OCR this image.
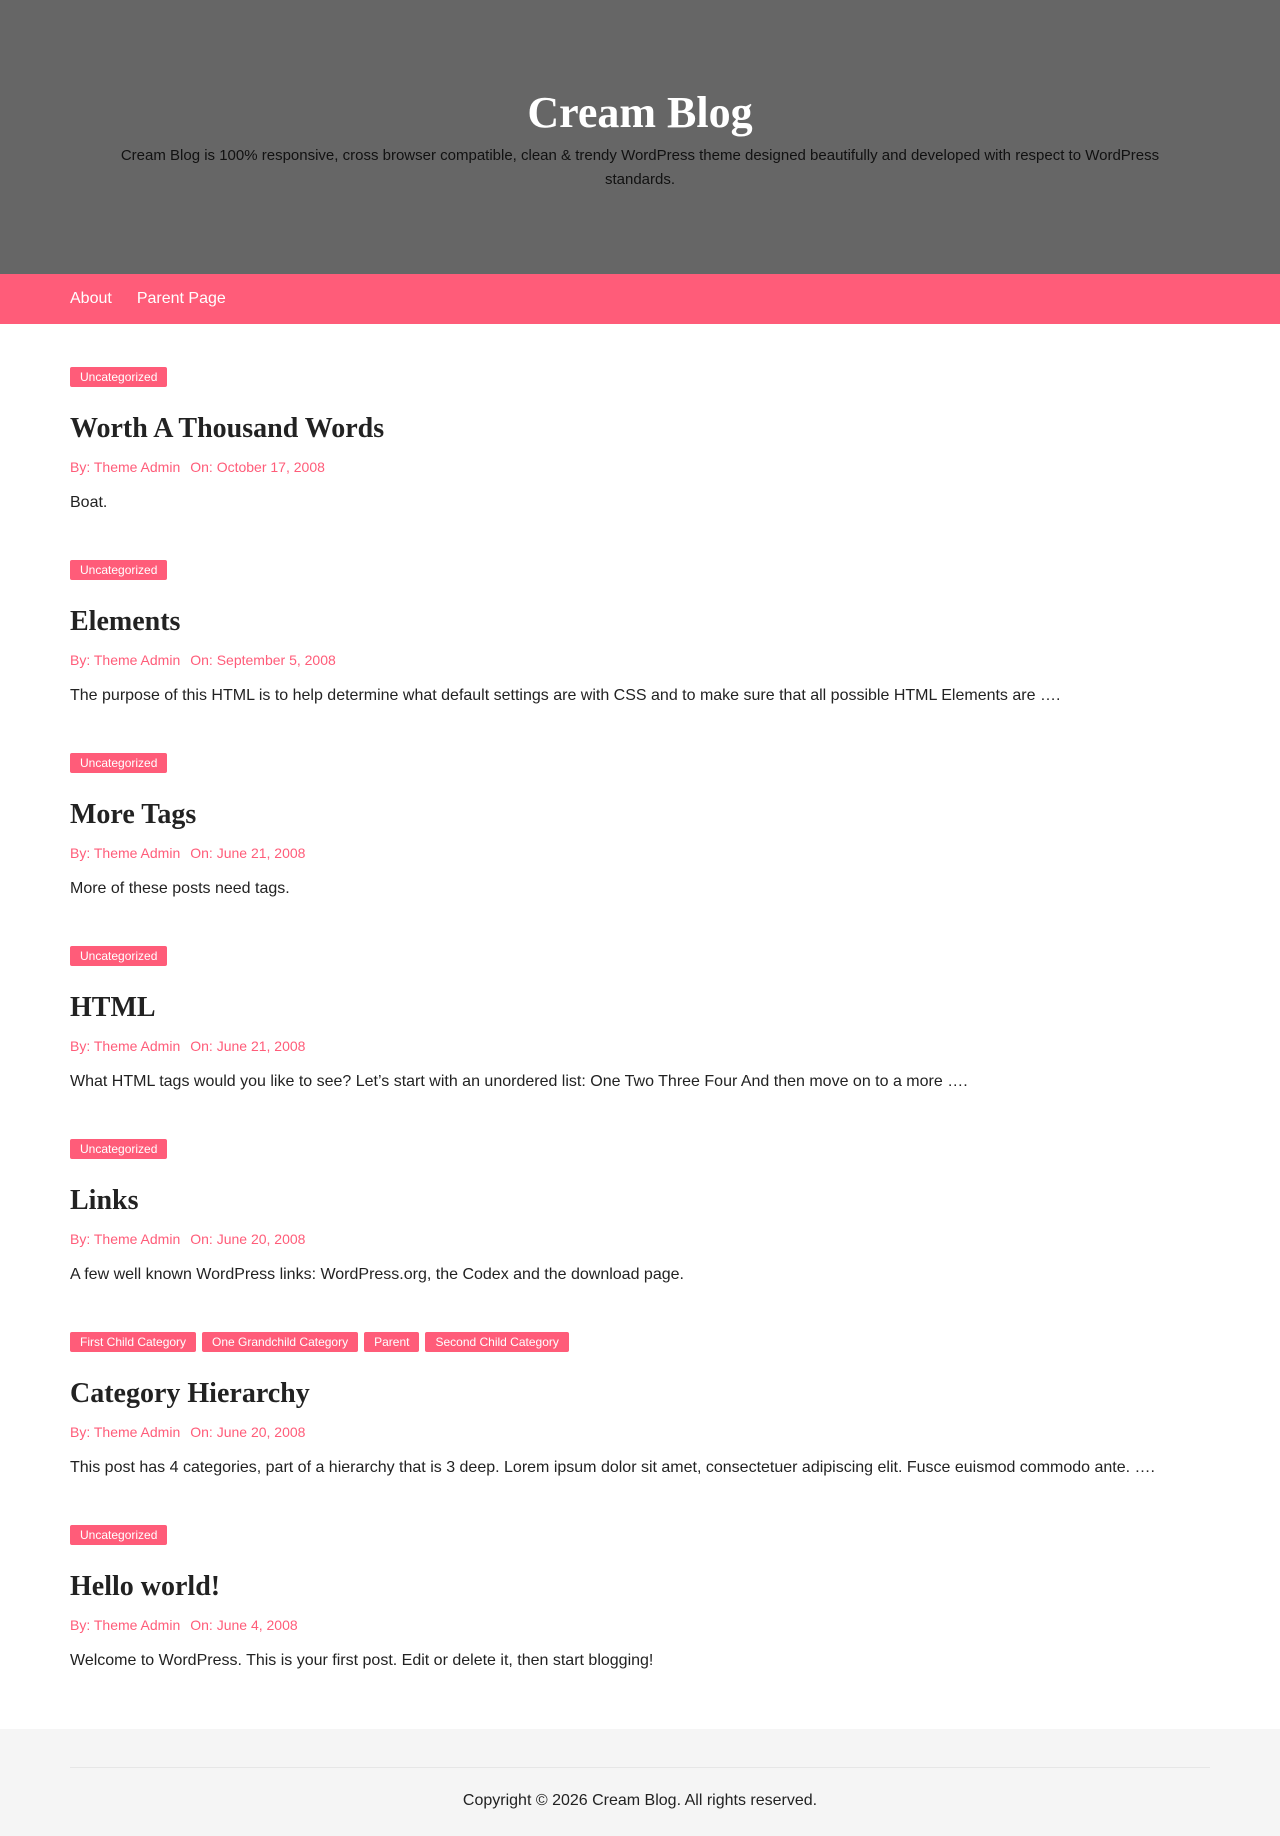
Cream Blog

Cream Blog is 100% responsive, cross browser compatible, clean & trendy WordPress theme designed beautifully and developed with respect to WordPress standards.

About Parent Page
Uncategorized
Worth A Thousand Words
By: Theme Admin On: October 17, 2008

Boat.

Uncategorized
Elements
By: Theme Admin On: September 5, 2008

The purpose of this HTML is to help determine what default settings are with CSS and to make sure that all possible HTML Elements are ….

Uncategorized
More Tags
By: Theme Admin On: June 21, 2008

More of these posts need tags.

Uncategorized
HTML
By: Theme Admin On: June 21, 2008

What HTML tags would you like to see? Let’s start with an unordered list: One Two Three Four And then move on to a more ….

Uncategorized
Links
By: Theme Admin On: June 20, 2008

A few well known WordPress links: WordPress.org, the Codex and the download page.

First Child Category	One Grandchild Category	Parent	Second Child Category
Category Hierarchy
By: Theme Admin On: June 20, 2008

This post has 4 categories, part of a hierarchy that is 3 deep. Lorem ipsum dolor sit amet, consectetuer adipiscing elit. Fusce euismod commodo ante. ….

Uncategorized
Hello world!
By: Theme Admin On: June 4, 2008

Welcome to WordPress. This is your first post. Edit or delete it, then start blogging!

Copyright © 2026 Cream Blog. All rights reserved.
